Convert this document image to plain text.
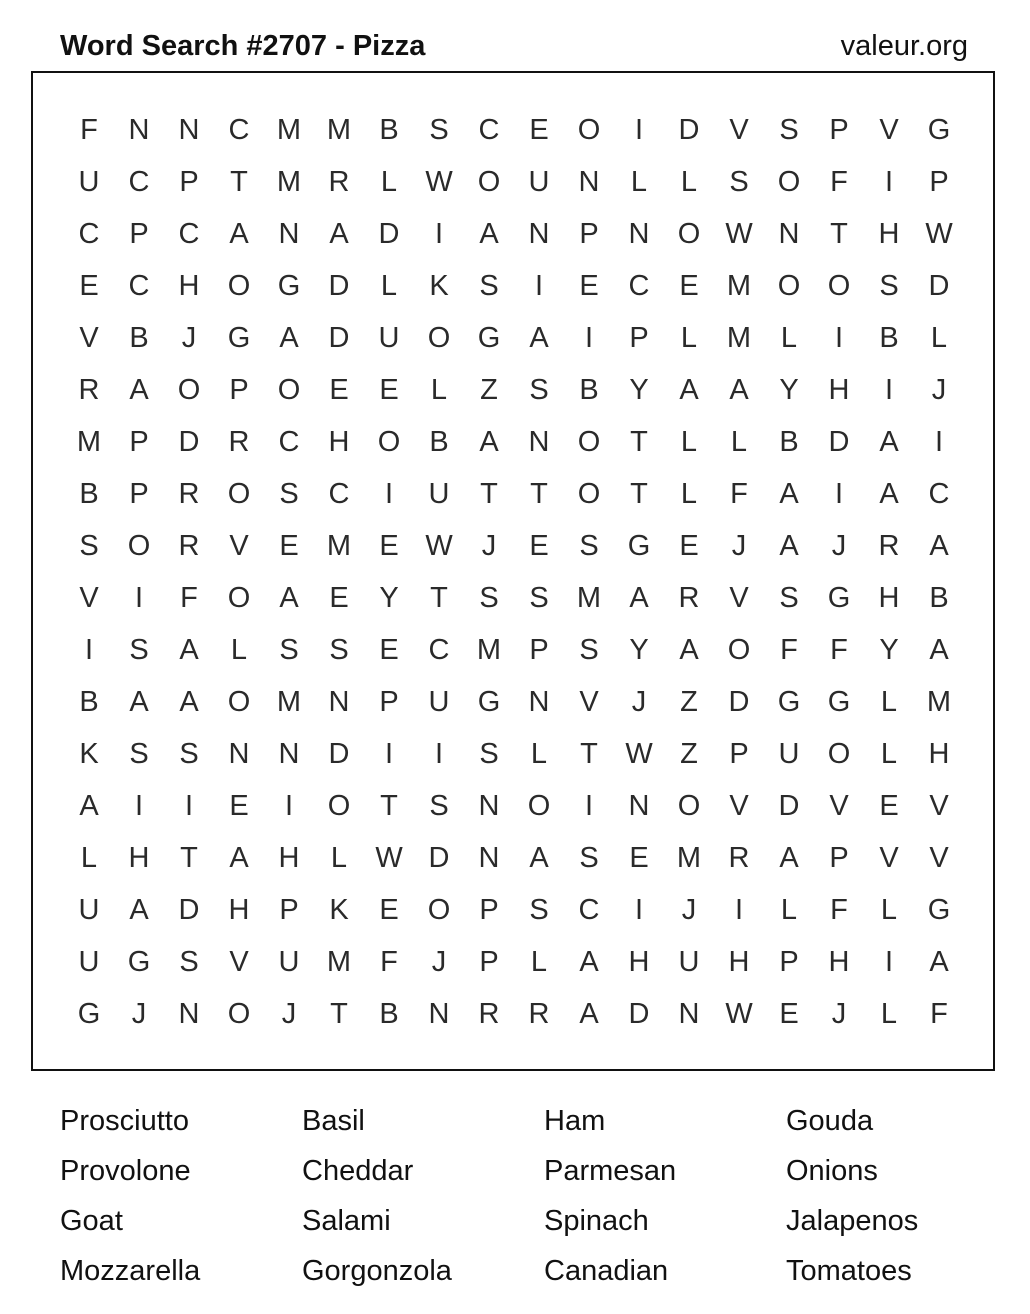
Word Search #2707 - Pizza	valeur.org
F	N	N	C M M B	S	C	E	O	I	D	V	S	P	V	G
U	C	P	T	M R	L W O U	N	L	L	S	O	F	I	P
C	P	C	A	N	A	D	I	A	N	P	N O W N	T	H W
E	C	H O G D	L	K	S	I	E	C	E M O O	S	D
V	B	J	G	A	D	U O G	A	I	P	L	M	L	I	B	L
R	A	O	P	O	E	E	L	Z	S	B	Y	A	A	Y	H	I	J
M P	D	R	C	H O	B	A	N O	T	L	L	B	D	A	I
B	P	R O	S	C	I	U	T	T	O	T	L	F	A	I	A	C
S	O R	V	E M E W	J	E	S	G	E	J	A	J	R	A
V	I	F	O	A	E	Y	T	S	S M A	R	V	S	G H	B
I	S	A	L	S	S	E	C M P	S	Y	A	O	F	F	Y	A
B	A	A	O M N	P	U G N	V	J	Z	D G G	L	M
K	S	S	N	N	D	I	I	S	L	T W Z	P	U O	L	H
A	I	I	E	I	O	T	S	N O	I	N O	V	D	V	E	V
L	H	T	A	H	L W D	N	A	S	E M R	A	P	V	V
U	A	D	H	P	K	E	O	P	S	C	I	J	I	L	F	L	G
U G	S	V	U M	F	J	P	L	A	H	U	H	P	H	I	A
G	J	N O	J	T	B	N	R	R	A	D	N W E	J	L	F
Prosciutto	Basil	Ham	Gouda
Provolone	Cheddar	Parmesan	Onions
Goat	Salami	Spinach	Jalapenos
Mozzarella	Gorgonzola	Canadian	Tomatoes
